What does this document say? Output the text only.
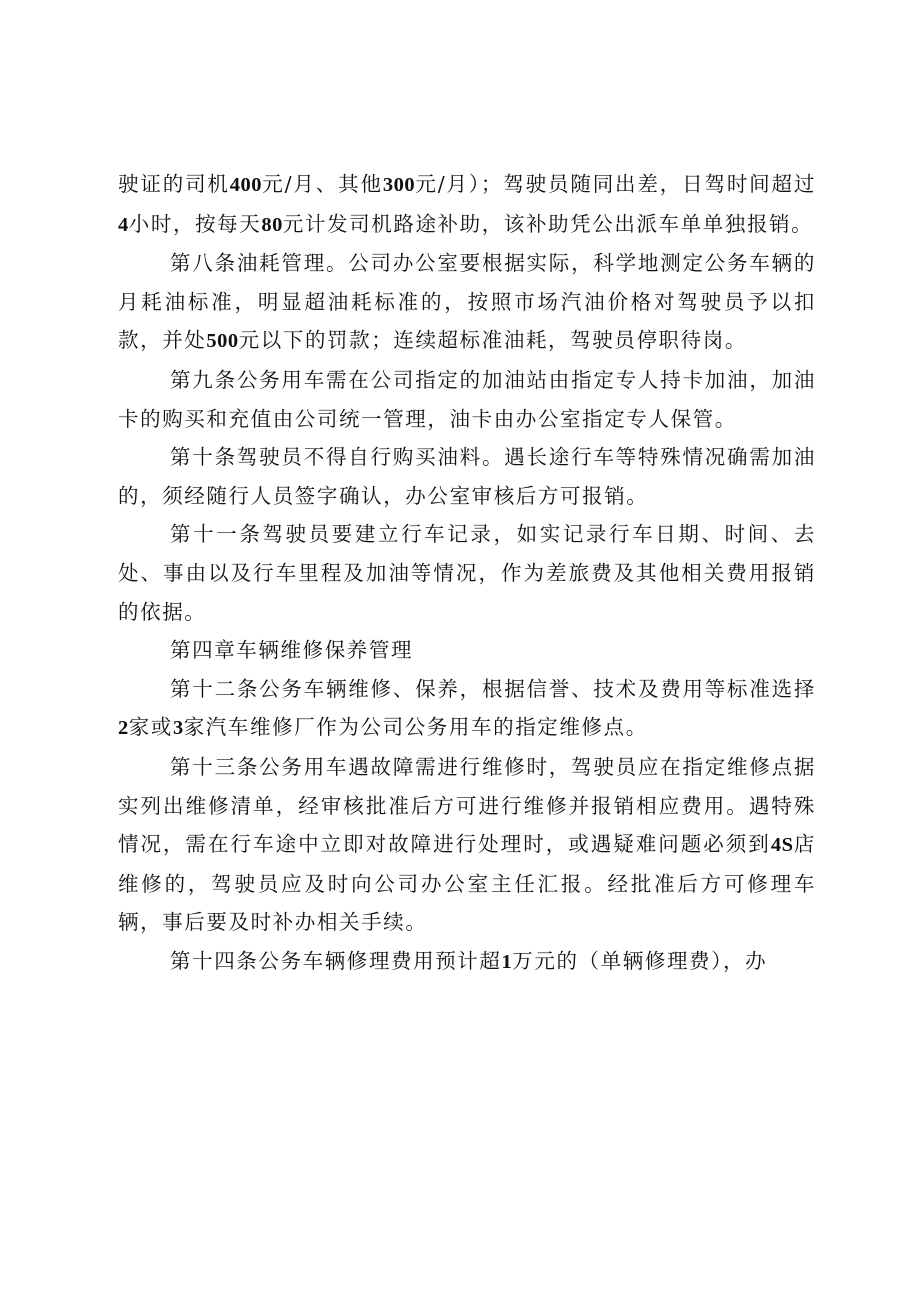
驶证的司机400元/月、其他300元/月）；驾驶员随同出差，日驾时间超过4小时，按每天80元计发司机路途补助，该补助凭公出派车单单独报销。

第八条油耗管理。公司办公室要根据实际，科学地测定公务车辆的月耗油标准，明显超油耗标准的，按照市场汽油价格对驾驶员予以扣款，并处500元以下的罚款；连续超标准油耗，驾驶员停职待岗。

第九条公务用车需在公司指定的加油站由指定专人持卡加油，加油卡的购买和充值由公司统一管理，油卡由办公室指定专人保管。

第十条驾驶员不得自行购买油料。遇长途行车等特殊情况确需加油的，须经随行人员签字确认，办公室审核后方可报销。

第十一条驾驶员要建立行车记录，如实记录行车日期、时间、去处、事由以及行车里程及加油等情况，作为差旅费及其他相关费用报销的依据。

第四章车辆维修保养管理

第十二条公务车辆维修、保养，根据信誉、技术及费用等标准选择2家或3家汽车维修厂作为公司公务用车的指定维修点。

第十三条公务用车遇故障需进行维修时，驾驶员应在指定维修点据实列出维修清单，经审核批准后方可进行维修并报销相应费用。遇特殊情况，需在行车途中立即对故障进行处理时，或遇疑难问题必须到4S店维修的，驾驶员应及时向公司办公室主任汇报。经批准后方可修理车辆，事后要及时补办相关手续。

第十四条公务车辆修理费用预计超1万元的（单辆修理费），办
